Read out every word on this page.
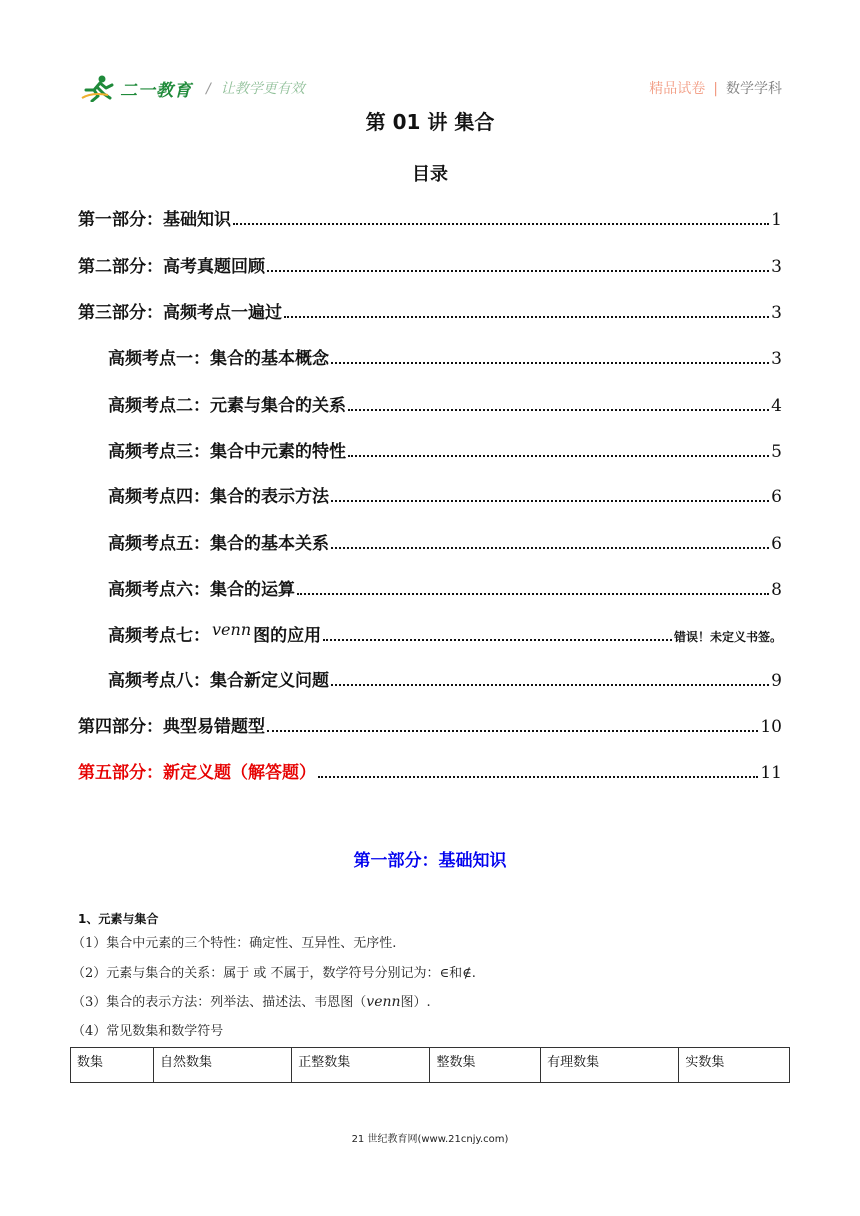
二一教育 / 让教学更有效	精品试卷 | 数学学科
第 01 讲 集合
目录
第一部分：基础知识	1
第二部分：高考真题回顾	3
第三部分：高频考点一遍过	3
高频考点一：集合的基本概念	3
高频考点二：元素与集合的关系	4
高频考点三：集合中元素的特性	5
高频考点四：集合的表示方法	6
高频考点五：集合的基本关系	6
高频考点六：集合的运算	8
高频考点七： venn 图的应用	错误！未定义书签。
高频考点八：集合新定义问题	9
第四部分：典型易错题型	10
第五部分：新定义题（解答题）	11
第一部分：基础知识
1、元素与集合
（1）集合中元素的三个特性：确定性、互异性、无序性.
（2）元素与集合的关系：属于 或 不属于，数学符号分别记为：∈和∉.
（3）集合的表示方法：列举法、描述法、韦恩图（venn图）.
（4）常见数集和数学符号
数集	自然数集	正整数集	整数集	有理数集	实数集
21 世纪教育网(www.21cnjy.com)
